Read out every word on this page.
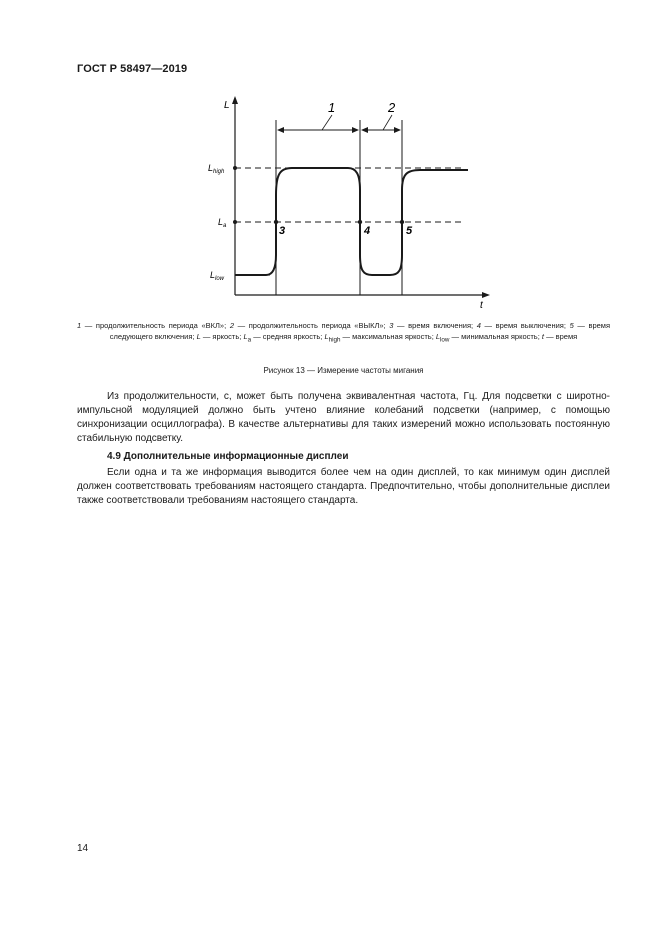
ГОСТ Р 58497—2019
L
t
$L_{high}$
$L_a$
$L_{low}$
1	2
3	4	5
1 — продолжительность периода «ВКЛ»; 2 — продолжительность периода «ВЫКЛ»; 3 — время включения; 4 — время выключения; 5 — время следующего включения; L — яркость; $L_a$ — средняя яркость; $L_{high}$ — максимальная яркость; $L_{low}$ — минимальная яркость; t — время
Рисунок 13 — Измерение частоты мигания
Из продолжительности, с, может быть получена эквивалентная частота, Гц. Для подсветки с широтно-импульсной модуляцией должно быть учтено влияние колебаний подсветки (например, с помощью синхронизации осциллографа). В качестве альтернативы для таких измерений можно использовать постоянную стабильную подсветку.
4.9 Дополнительные информационные дисплеи
Если одна и та же информация выводится более чем на один дисплей, то как минимум один дисплей должен соответствовать требованиям настоящего стандарта. Предпочтительно, чтобы дополнительные дисплеи также соответствовали требованиям настоящего стандарта.
14
